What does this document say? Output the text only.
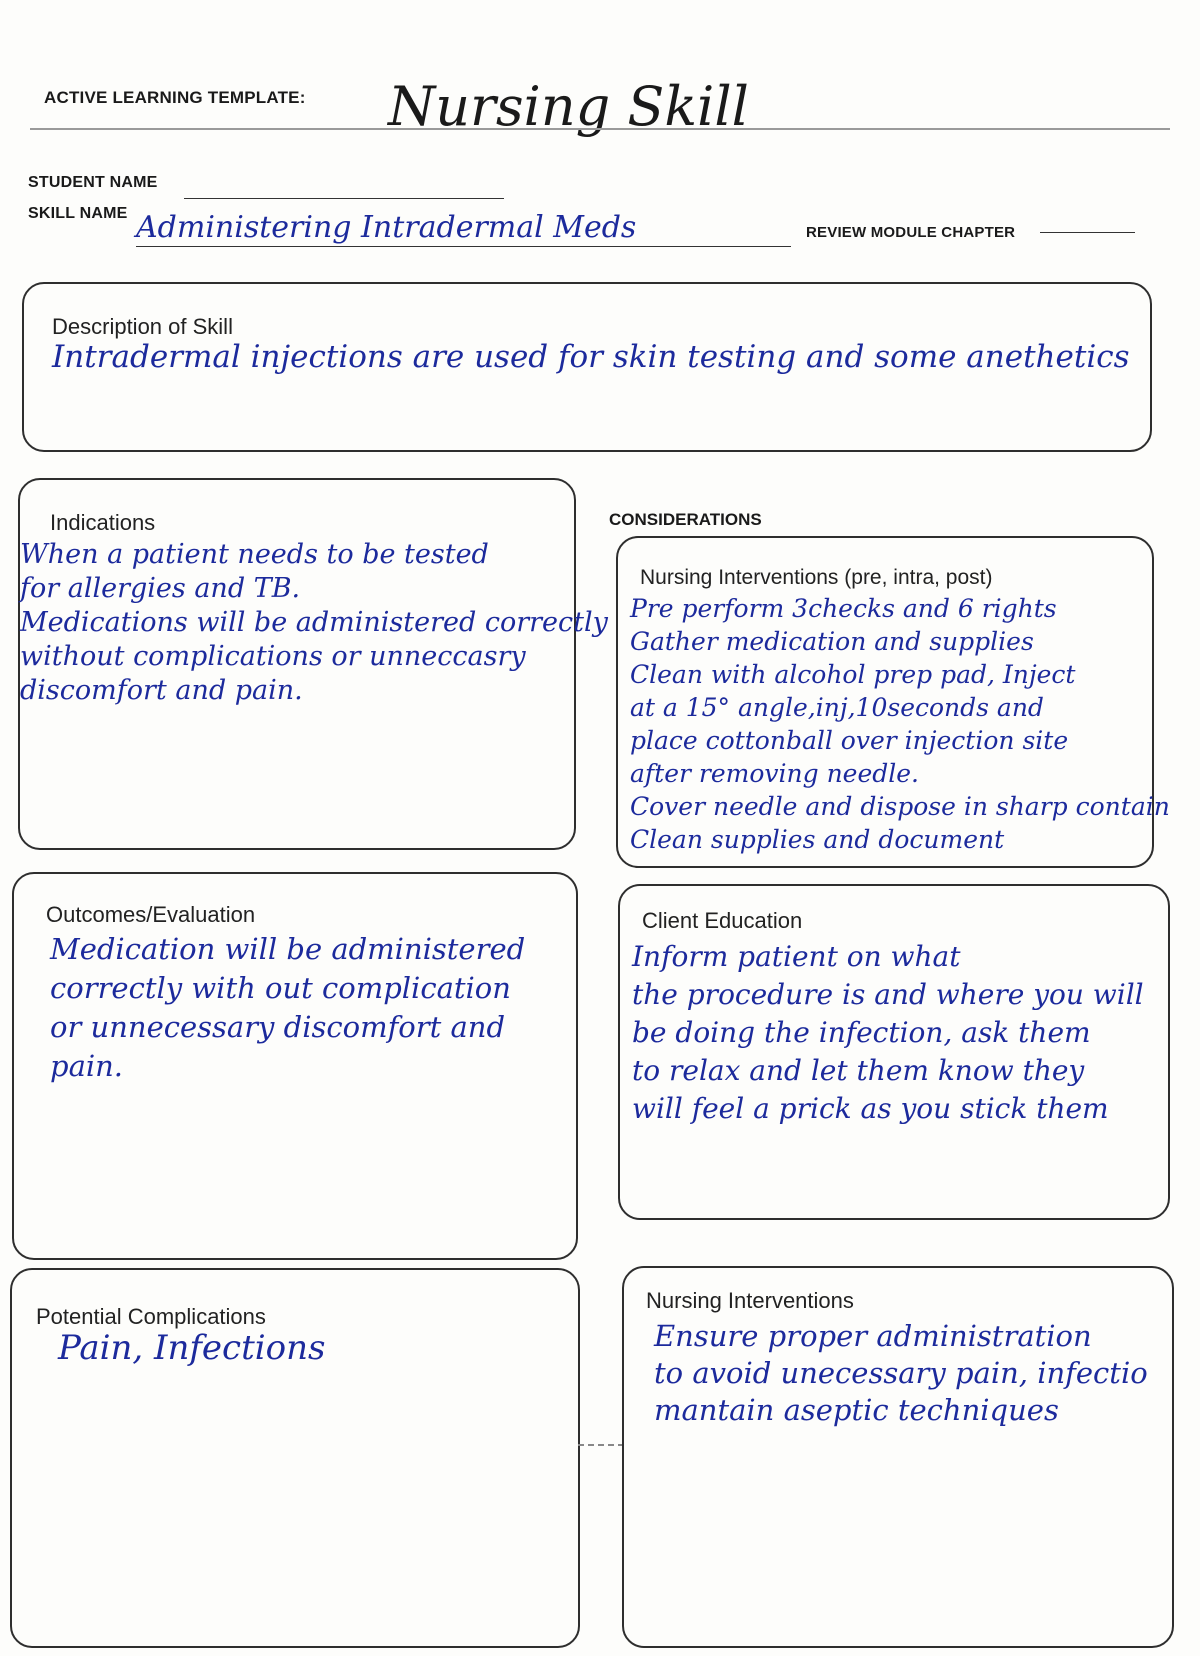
ACTIVE LEARNING TEMPLATE: Nursing Skill
STUDENT NAME
SKILL NAME Administering Intradermal Meds	REVIEW MODULE CHAPTER
Description of Skill
Intradermal injections are used for skin testing and some anethetics
Indications
When a patient needs to be tested
for allergies and TB.
Medications will be administered correctly
without complications or unneccasry
discomfort and pain.
CONSIDERATIONS
Nursing Interventions (pre, intra, post)
Pre perform 3checks and 6 rights
Gather medication and supplies
Clean with alcohol prep pad, Inject
at a 15° angle,inj,10seconds and
place cottonball over injection site
after removing needle.
Cover needle and dispose in sharp contain
Clean supplies and document
Outcomes/Evaluation
Medication will be administered
correctly with out complication
or unnecessary discomfort and
pain.
Client Education
Inform patient on what
the procedure is and where you will
be doing the infection, ask them
to relax and let them know they
will feel a prick as you stick them
Potential Complications
Pain, Infections
Nursing Interventions
Ensure proper administration
to avoid unecessary pain, infectio
mantain aseptic techniques
